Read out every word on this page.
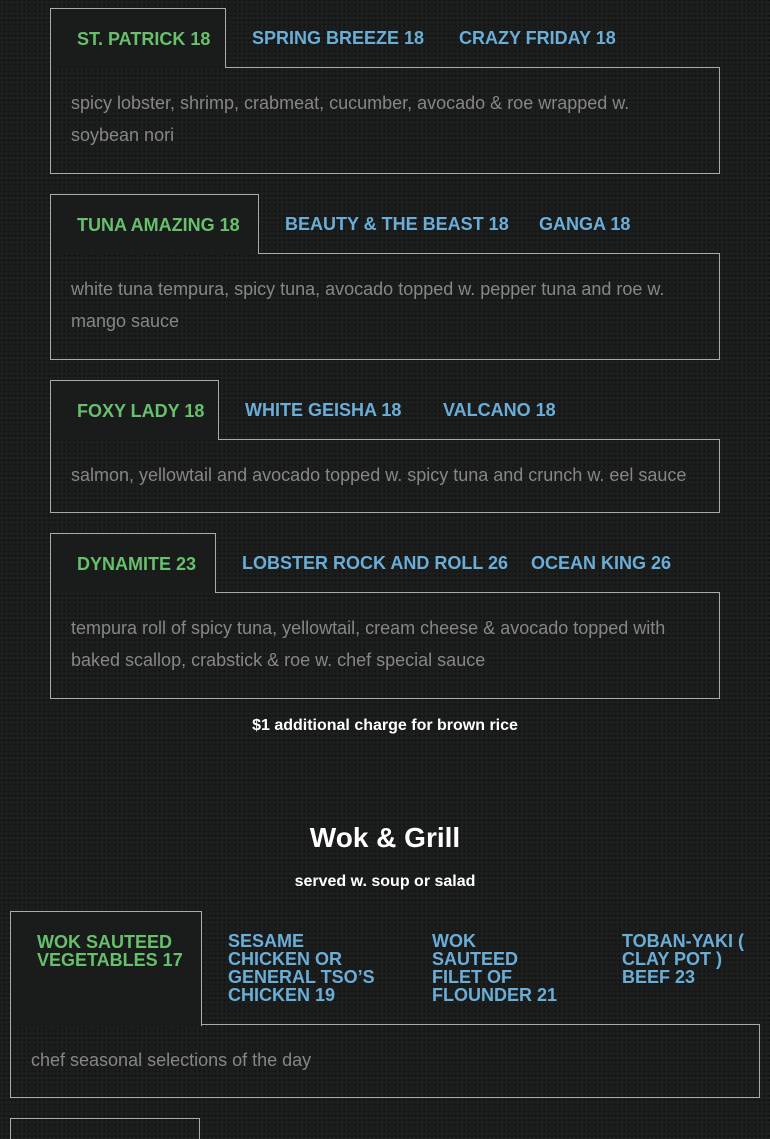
ST. PATRICK 18	SPRING BREEZE 18	CRAZY FRIDAY 18
spicy lobster, shrimp, crabmeat, cucumber, avocado & roe wrapped w. soybean nori
TUNA AMAZING 18	BEAUTY & THE BEAST 18	GANGA 18
white tuna tempura, spicy tuna, avocado topped w. pepper tuna and roe w. mango sauce
FOXY LADY 18	WHITE GEISHA 18	VALCANO 18
salmon, yellowtail and avocado topped w. spicy tuna and crunch w. eel sauce
DYNAMITE 23	LOBSTER ROCK AND ROLL 26	OCEAN KING 26
tempura roll of spicy tuna, yellowtail, cream cheese & avocado topped with baked scallop, crabstick & roe w. chef special sauce
$1 additional charge for brown rice
Wok & Grill
served w. soup or salad
WOK SAUTEED VEGETABLES 17
SESAME CHICKEN OR GENERAL TSO’S CHICKEN 19
WOK SAUTEED FILET OF FLOUNDER 21
TOBAN-YAKI ( CLAY POT ) BEEF 23
chef seasonal selections of the day
